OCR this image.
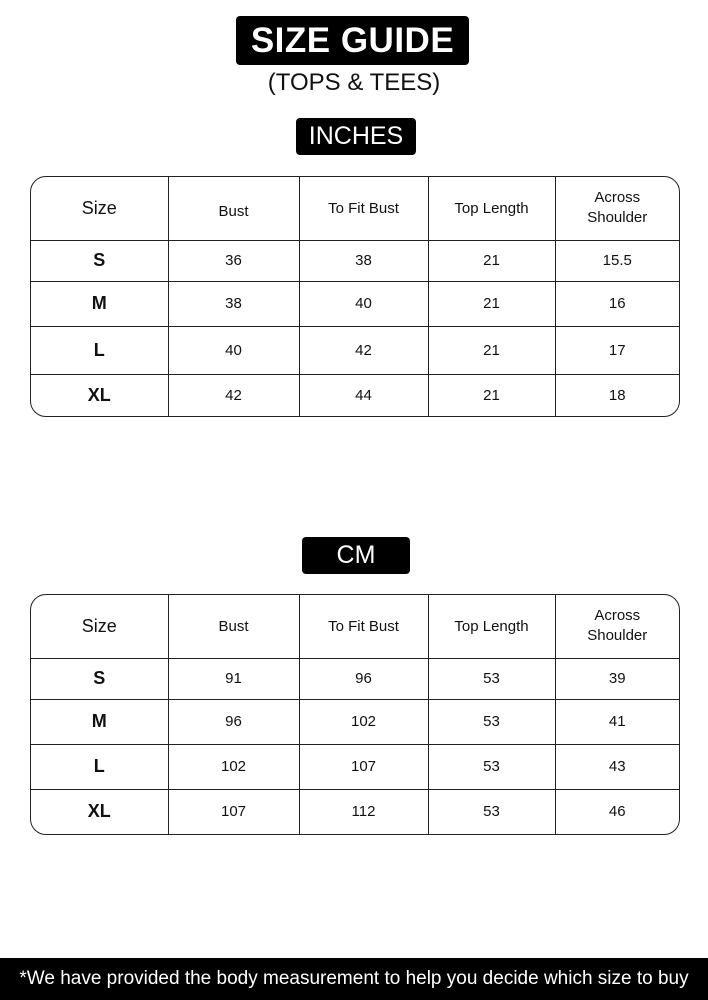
SIZE GUIDE
(TOPS & TEES)
INCHES
Size	Bust	To Fit Bust	Top Length	Across Shoulder
S	36	38	21	15.5
M	38	40	21	16
L	40	42	21	17
XL	42	44	21	18
CM
Size	Bust	To Fit Bust	Top Length	Across Shoulder
S	91	96	53	39
M	96	102	53	41
L	102	107	53	43
XL	107	112	53	46
*We have provided the body measurement to help you decide which size to buy
